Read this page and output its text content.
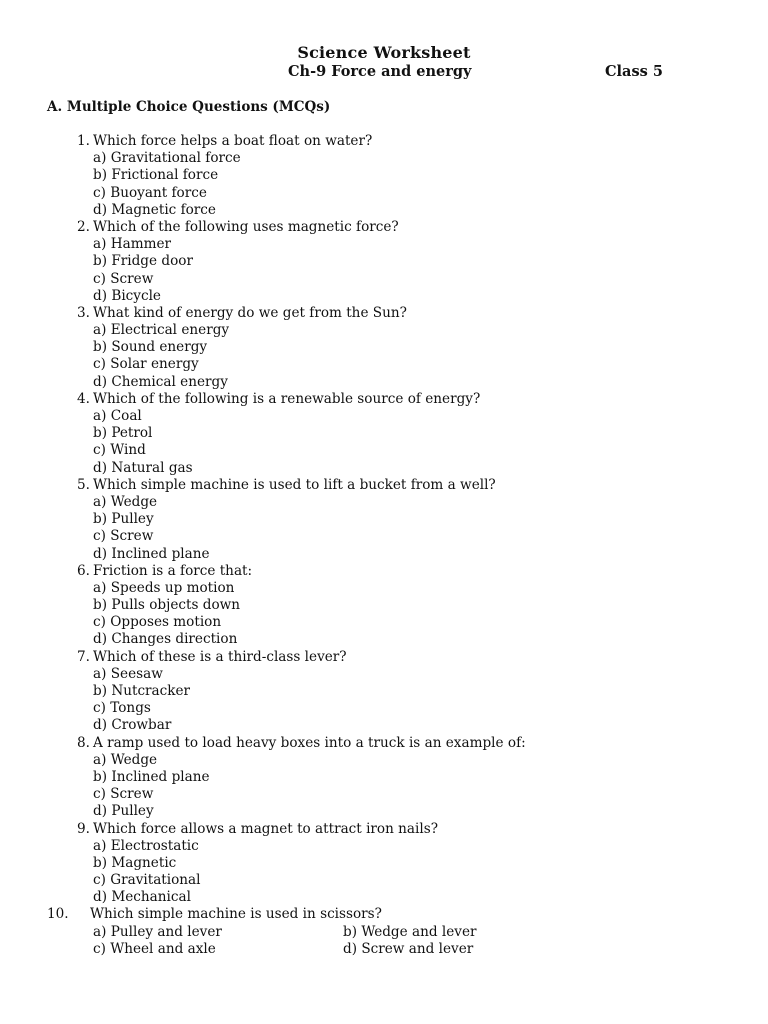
Science Worksheet
Ch-9 Force and energy	Class 5
A. Multiple Choice Questions (MCQs)
1. Which force helps a boat float on water?
a) Gravitational force
b) Frictional force
c) Buoyant force
d) Magnetic force
2. Which of the following uses magnetic force?
a) Hammer
b) Fridge door
c) Screw
d) Bicycle
3. What kind of energy do we get from the Sun?
a) Electrical energy
b) Sound energy
c) Solar energy
d) Chemical energy
4. Which of the following is a renewable source of energy?
a) Coal
b) Petrol
c) Wind
d) Natural gas
5. Which simple machine is used to lift a bucket from a well?
a) Wedge
b) Pulley
c) Screw
d) Inclined plane
6. Friction is a force that:
a) Speeds up motion
b) Pulls objects down
c) Opposes motion
d) Changes direction
7. Which of these is a third-class lever?
a) Seesaw
b) Nutcracker
c) Tongs
d) Crowbar
8. A ramp used to load heavy boxes into a truck is an example of:
a) Wedge
b) Inclined plane
c) Screw
d) Pulley
9. Which force allows a magnet to attract iron nails?
a) Electrostatic
b) Magnetic
c) Gravitational
d) Mechanical
10. Which simple machine is used in scissors?
a) Pulley and lever	b) Wedge and lever
c) Wheel and axle	d) Screw and lever
